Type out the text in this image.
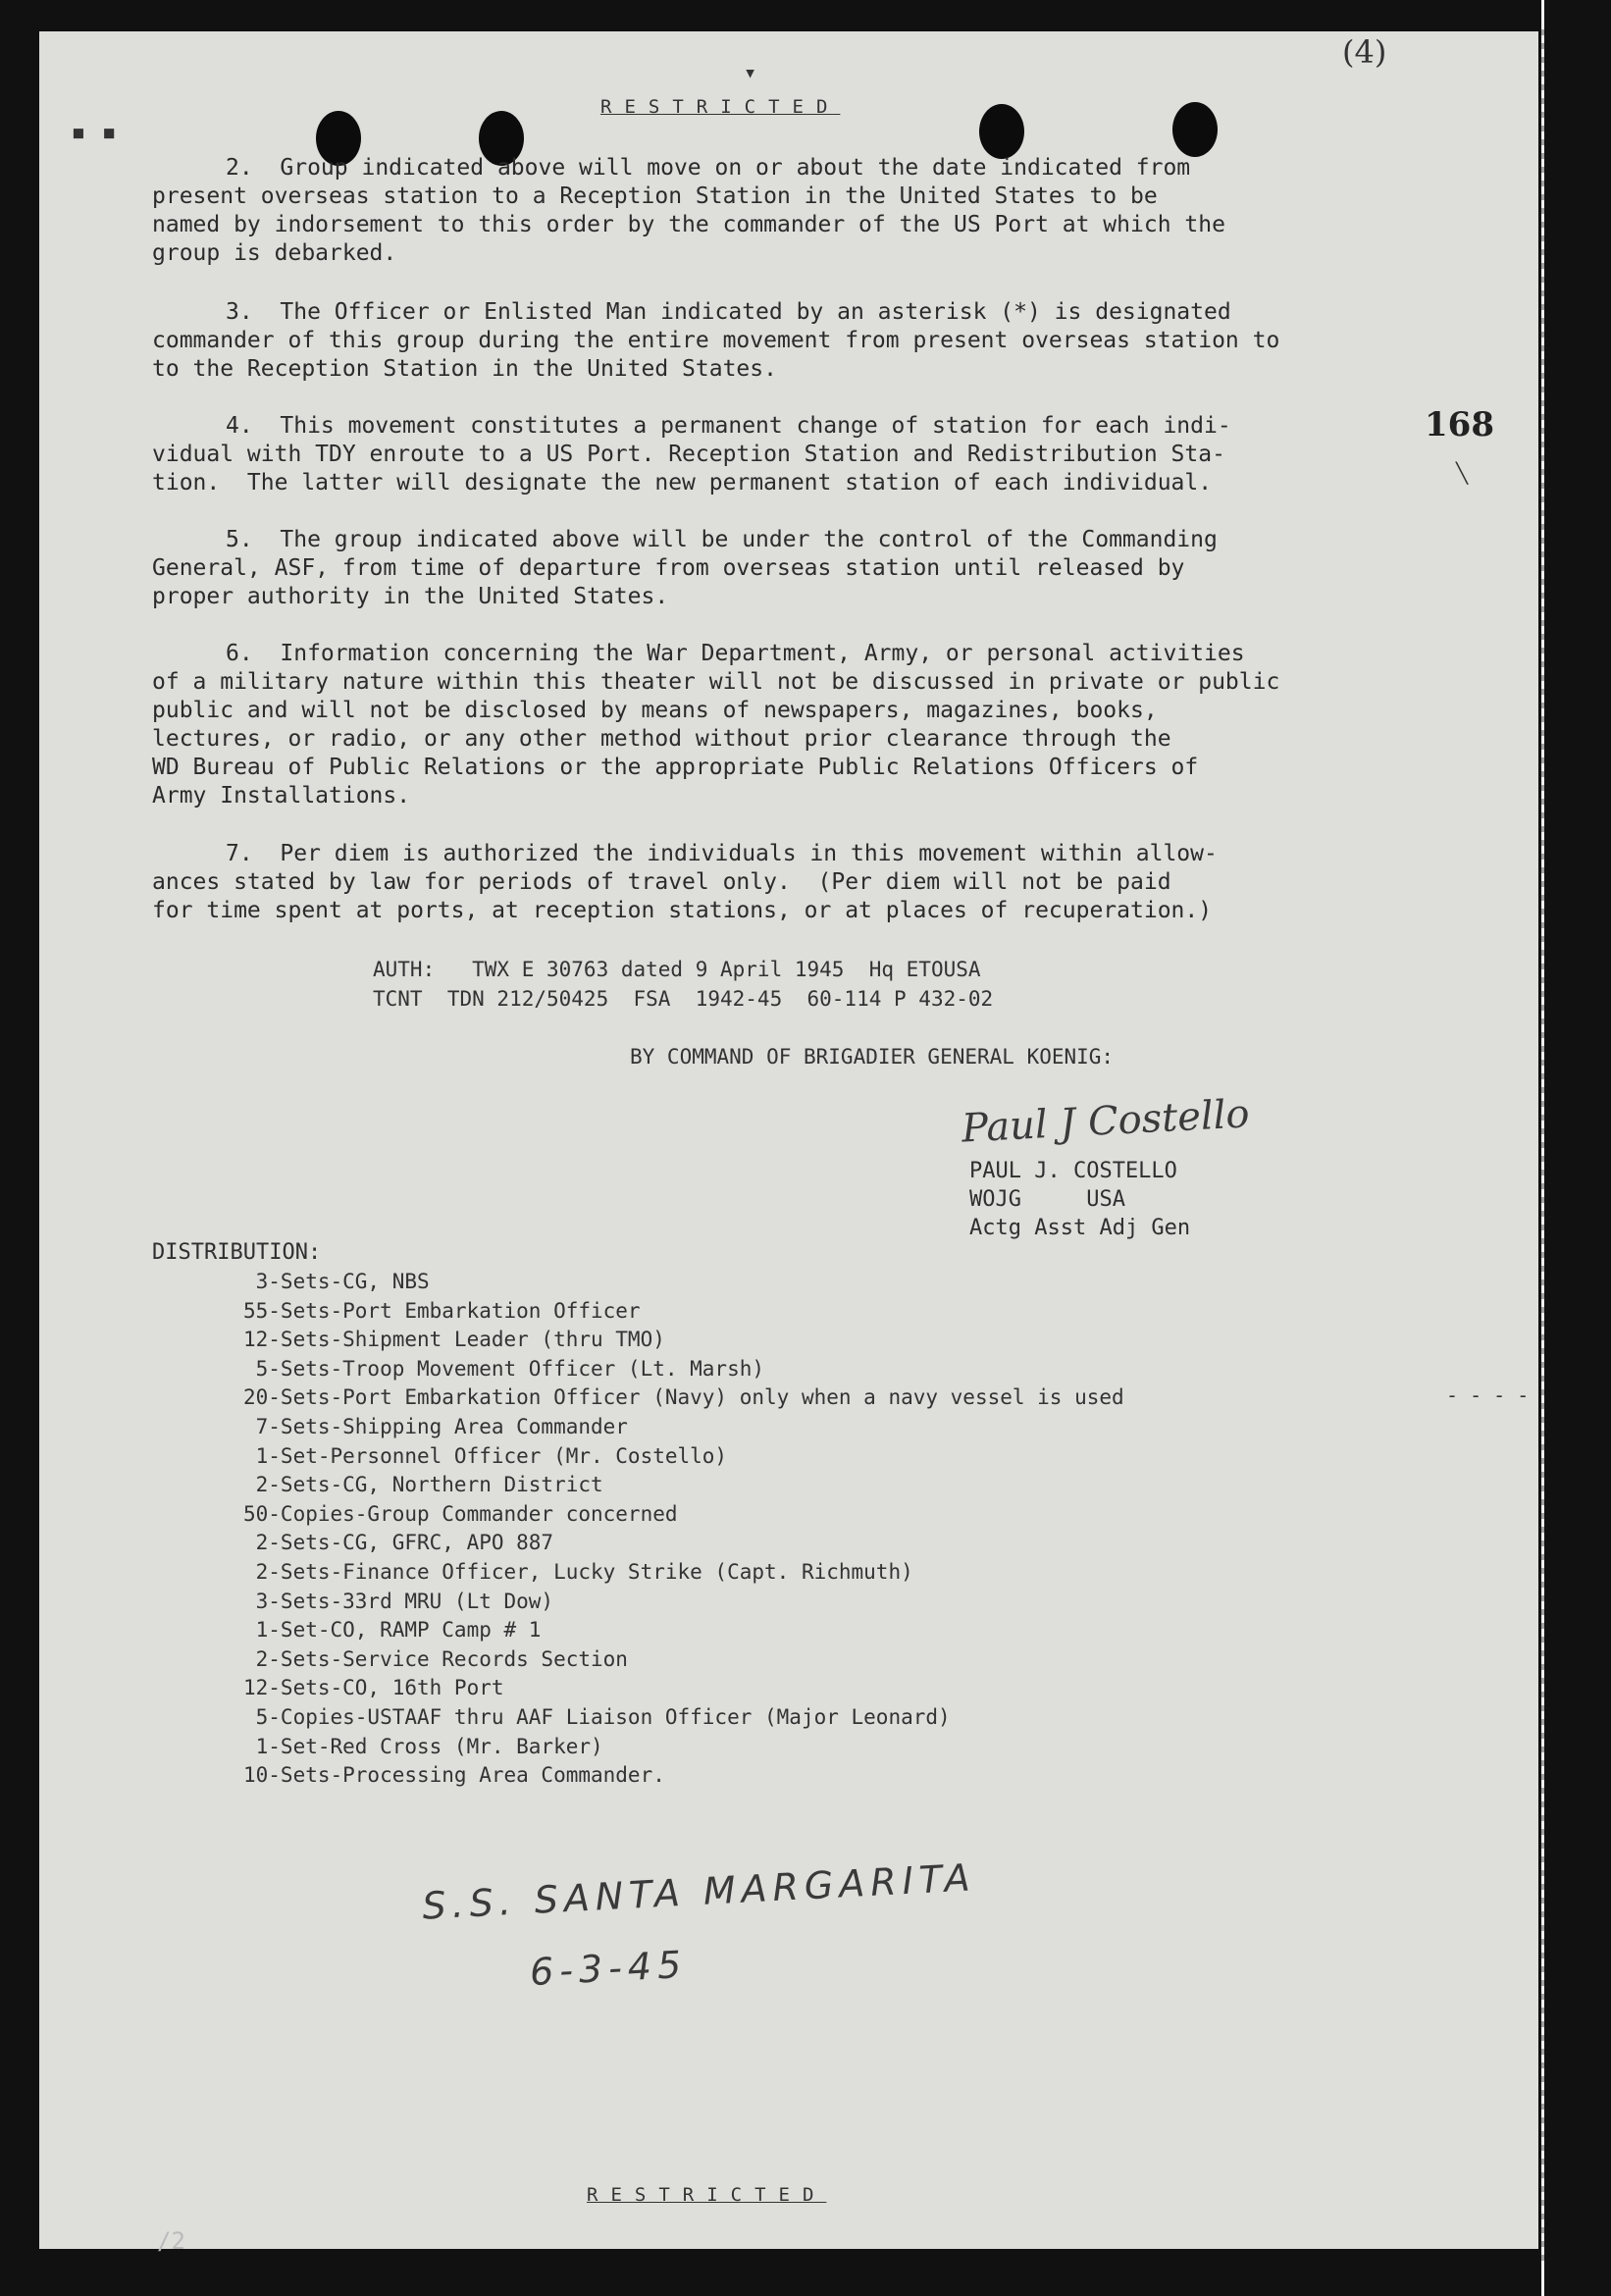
▪ ▪
▾
╲
- - - -
/2
(4)
RESTRICTED
168
2.  Group indicated above will move on or about the date indicated from
present overseas station to a Reception Station in the United States to be
named by indorsement to this order by the commander of the US Port at which the
group is debarked.
3.  The Officer or Enlisted Man indicated by an asterisk (*) is designated
commander of this group during the entire movement from present overseas station to
to the Reception Station in the United States.
4.  This movement constitutes a permanent change of station for each indi-
vidual with TDY enroute to a US Port. Reception Station and Redistribution Sta-
tion.  The latter will designate the new permanent station of each individual.
5.  The group indicated above will be under the control of the Commanding
General, ASF, from time of departure from overseas station until released by
proper authority in the United States.
6.  Information concerning the War Department, Army, or personal activities
of a military nature within this theater will not be discussed in private or public
public and will not be disclosed by means of newspapers, magazines, books,
lectures, or radio, or any other method without prior clearance through the
WD Bureau of Public Relations or the appropriate Public Relations Officers of
Army Installations.
7.  Per diem is authorized the individuals in this movement within allow-
ances stated by law for periods of travel only.  (Per diem will not be paid
for time spent at ports, at reception stations, or at places of recuperation.)
AUTH:   TWX E 30763 dated 9 April 1945  Hq ETOUSA
TCNT  TDN 212/50425  FSA  1942-45  60-114 P 432-02
BY COMMAND OF BRIGADIER GENERAL KOENIG:
Paul J Costello
PAUL J. COSTELLO
WOJG     USA
Actg Asst Adj Gen
DISTRIBUTION:
3-Sets-CG, NBS
55-Sets-Port Embarkation Officer
12-Sets-Shipment Leader (thru TMO)
5-Sets-Troop Movement Officer (Lt. Marsh)
20-Sets-Port Embarkation Officer (Navy) only when a navy vessel is used
7-Sets-Shipping Area Commander
1-Set-Personnel Officer (Mr. Costello)
2-Sets-CG, Northern District
50-Copies-Group Commander concerned
2-Sets-CG, GFRC, APO 887
2-Sets-Finance Officer, Lucky Strike (Capt. Richmuth)
3-Sets-33rd MRU (Lt Dow)
1-Set-CO, RAMP Camp # 1
2-Sets-Service Records Section
12-Sets-CO, 16th Port
5-Copies-USTAAF thru AAF Liaison Officer (Major Leonard)
1-Set-Red Cross (Mr. Barker)
10-Sets-Processing Area Commander.
S.S. SANTA MARGARITA
6-3-45
RESTRICTED
